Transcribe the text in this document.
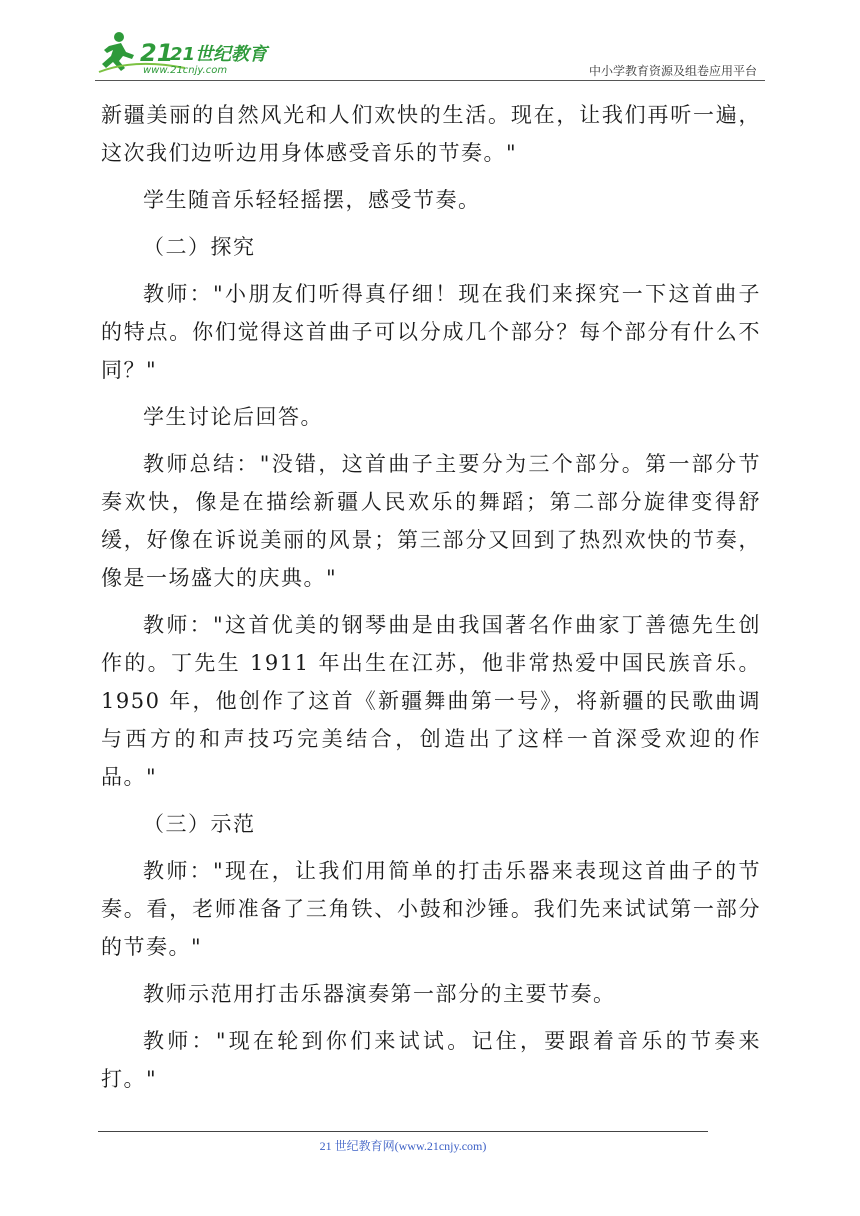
21
21世纪教育
www.21cnjy.com	中小学教育资源及组卷应用平台

新疆美丽的自然风光和人们欢快的生活。现在，让我们再听一遍，这次我们边听边用身体感受音乐的节奏。"

学生随音乐轻轻摇摆，感受节奏。

（二）探究

教师："小朋友们听得真仔细！现在我们来探究一下这首曲子的特点。你们觉得这首曲子可以分成几个部分？每个部分有什么不同？"

学生讨论后回答。

教师总结："没错，这首曲子主要分为三个部分。第一部分节奏欢快，像是在描绘新疆人民欢乐的舞蹈；第二部分旋律变得舒缓，好像在诉说美丽的风景；第三部分又回到了热烈欢快的节奏，像是一场盛大的庆典。"

教师："这首优美的钢琴曲是由我国著名作曲家丁善德先生创作的。丁先生 1911 年出生在江苏，他非常热爱中国民族音乐。1950 年，他创作了这首《新疆舞曲第一号》，将新疆的民歌曲调与西方的和声技巧完美结合，创造出了这样一首深受欢迎的作品。"

（三）示范

教师："现在，让我们用简单的打击乐器来表现这首曲子的节奏。看，老师准备了三角铁、小鼓和沙锤。我们先来试试第一部分的节奏。"

教师示范用打击乐器演奏第一部分的主要节奏。

教师："现在轮到你们来试试。记住，要跟着音乐的节奏来打。"

21 世纪教育网(www.21cnjy.com)
